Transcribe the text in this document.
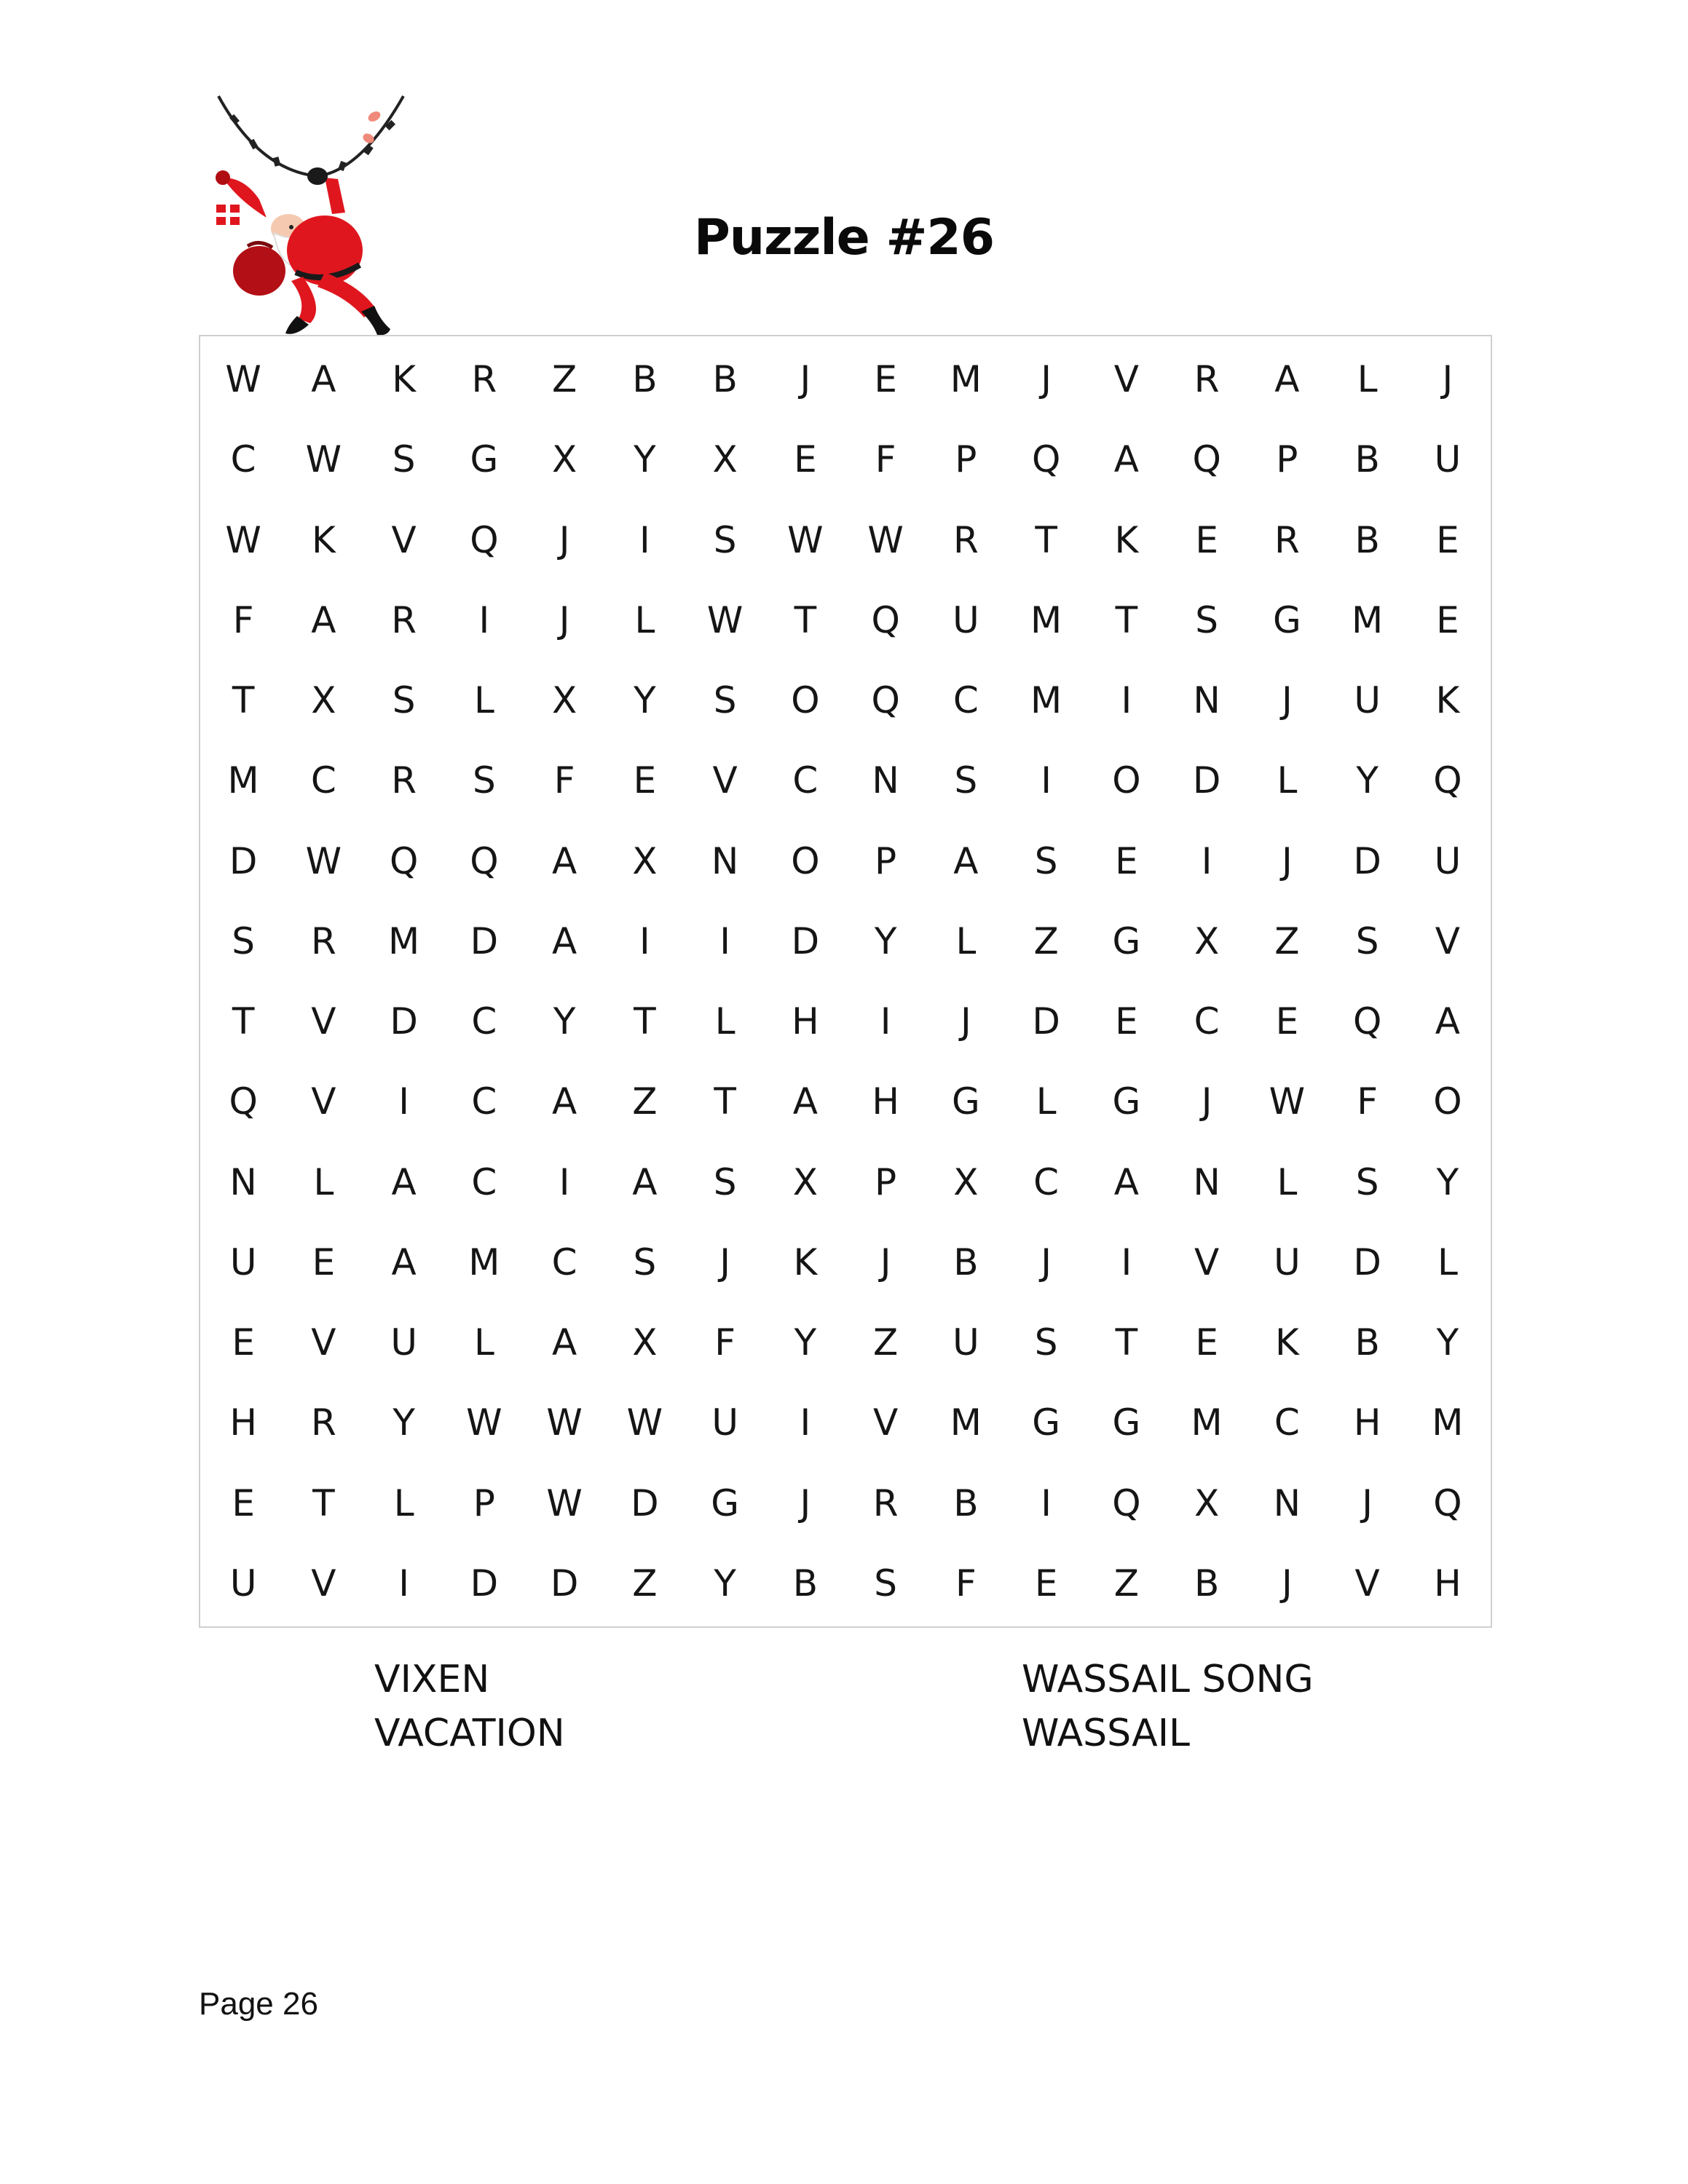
Puzzle #26
W	A	K	R	Z	B	B	J	E	M	J	V	R	A	L	J
C	W	S	G	X	Y	X	E	F	P	Q	A	Q	P	B	U
W	K	V	Q	J	I	S	W	W	R	T	K	E	R	B	E
F	A	R	I	J	L	W	T	Q	U	M	T	S	G	M	E
T	X	S	L	X	Y	S	O	Q	C	M	I	N	J	U	K
M	C	R	S	F	E	V	C	N	S	I	O	D	L	Y	Q
D	W	Q	Q	A	X	N	O	P	A	S	E	I	J	D	U
S	R	M	D	A	I	I	D	Y	L	Z	G	X	Z	S	V
T	V	D	C	Y	T	L	H	I	J	D	E	C	E	Q	A
Q	V	I	C	A	Z	T	A	H	G	L	G	J	W	F	O
N	L	A	C	I	A	S	X	P	X	C	A	N	L	S	Y
U	E	A	M	C	S	J	K	J	B	J	I	V	U	D	L
E	V	U	L	A	X	F	Y	Z	U	S	T	E	K	B	Y
H	R	Y	W	W	W	U	I	V	M	G	G	M	C	H	M
E	T	L	P	W	D	G	J	R	B	I	Q	X	N	J	Q
U	V	I	D	D	Z	Y	B	S	F	E	Z	B	J	V	H
VIXEN
VACATION
WASSAIL SONG
WASSAIL
Page 26
